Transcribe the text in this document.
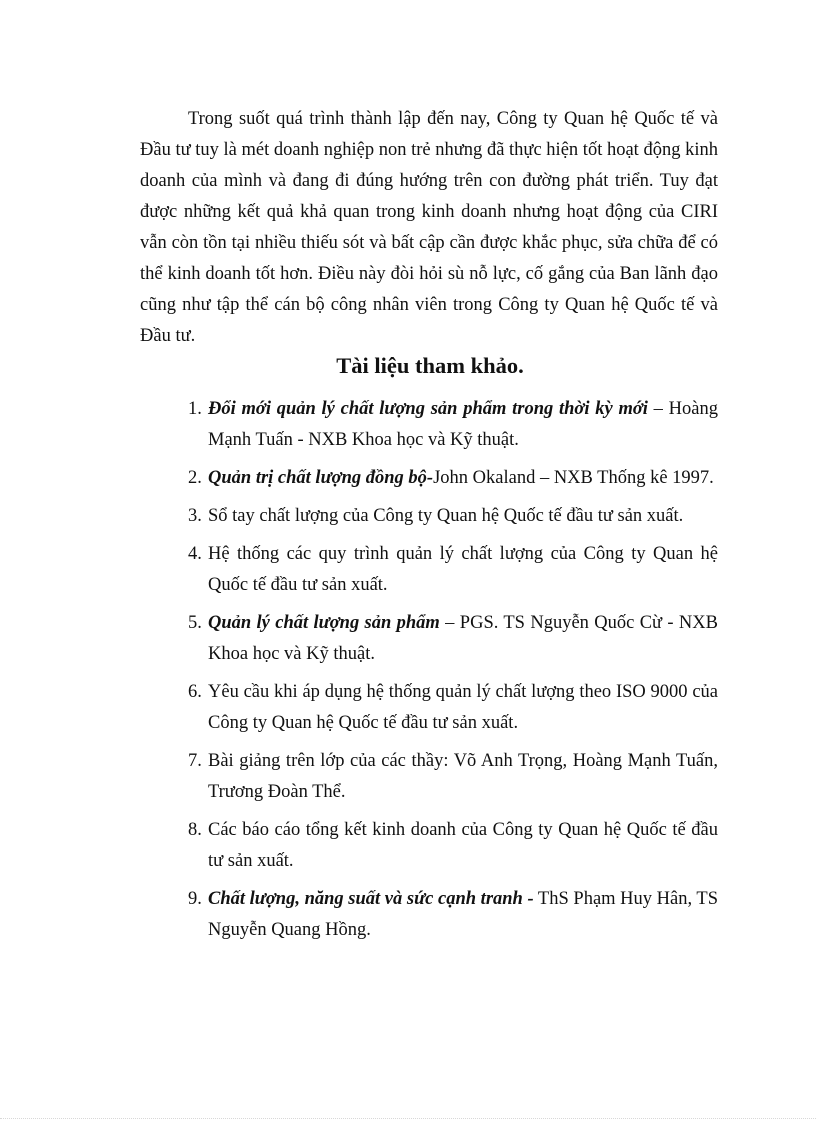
Trong suốt quá trình thành lập đến nay, Công ty Quan hệ Quốc tế và Đầu tư tuy là mét doanh nghiệp non trẻ nhưng đã thực hiện tốt hoạt động kinh doanh của mình và đang đi đúng hướng trên con đường phát triển. Tuy đạt được những kết quả khả quan trong kinh doanh nhưng hoạt động của CIRI vẫn còn tồn tại nhiều thiếu sót và bất cập cần được khắc phục, sửa chữa để có thể kinh doanh tốt hơn. Điều này đòi hỏi sù nỗ lực, cố gắng của Ban lãnh đạo cũng như tập thể cán bộ công nhân viên trong Công ty Quan hệ Quốc tế và Đầu tư.

Tài liệu tham khảo.
1. Đổi mới quản lý chất lượng sản phẩm trong thời kỳ mới – Hoàng Mạnh Tuấn - NXB Khoa học và Kỹ thuật.
2. Quản trị chất lượng đồng bộ-John Okaland – NXB Thống kê 1997.
3. Sổ tay chất lượng của Công ty Quan hệ Quốc tế đầu tư sản xuất.
4. Hệ thống các quy trình quản lý chất lượng của Công ty Quan hệ Quốc tế đầu tư sản xuất.
5. Quản lý chất lượng sản phẩm – PGS. TS Nguyễn Quốc Cừ - NXB Khoa học và Kỹ thuật.
6. Yêu cầu khi áp dụng hệ thống quản lý chất lượng theo ISO 9000 của Công ty Quan hệ Quốc tế đầu tư sản xuất.
7. Bài giảng trên lớp của các thầy: Võ Anh Trọng, Hoàng Mạnh Tuấn, Trương Đoàn Thể.
8. Các báo cáo tổng kết kinh doanh của Công ty Quan hệ Quốc tế đầu tư sản xuất.
9. Chất lượng, năng suất và sức cạnh tranh - ThS Phạm Huy Hân, TS Nguyễn Quang Hồng.
